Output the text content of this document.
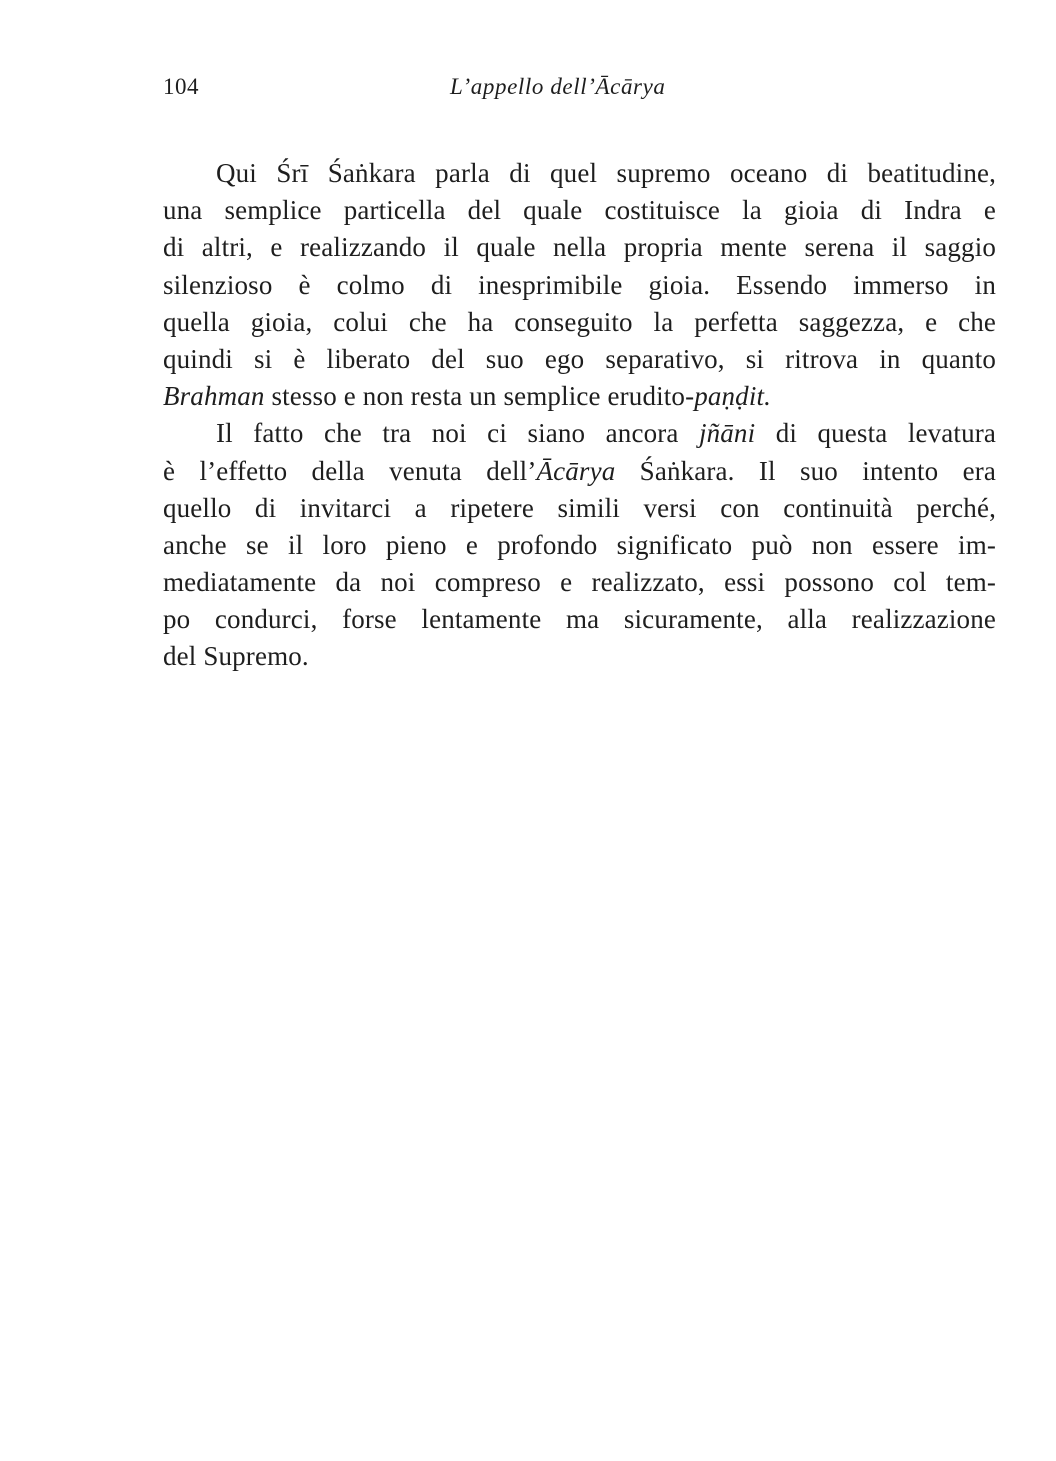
104	L’appello dell’Ācārya
Qui Śrī Śaṅkara parla di quel supremo oceano di beatitudine,
una semplice particella del quale costituisce la gioia di Indra e
di altri, e realizzando il quale nella propria mente serena il saggio
silenzioso è colmo di inesprimibile gioia. Essendo immerso in
quella gioia, colui che ha conseguito la perfetta saggezza, e che
quindi si è liberato del suo ego separativo, si ritrova in quanto
Brahman stesso e non resta un semplice erudito-paṇḍit.
Il fatto che tra noi ci siano ancora jñāni di questa levatura
è l’effetto della venuta dell’Ācārya Śaṅkara. Il suo intento era
quello di invitarci a ripetere simili versi con continuità perché,
anche se il loro pieno e profondo significato può non essere im-
mediatamente da noi compreso e realizzato, essi possono col tem-
po condurci, forse lentamente ma sicuramente, alla realizzazione
del Supremo.
